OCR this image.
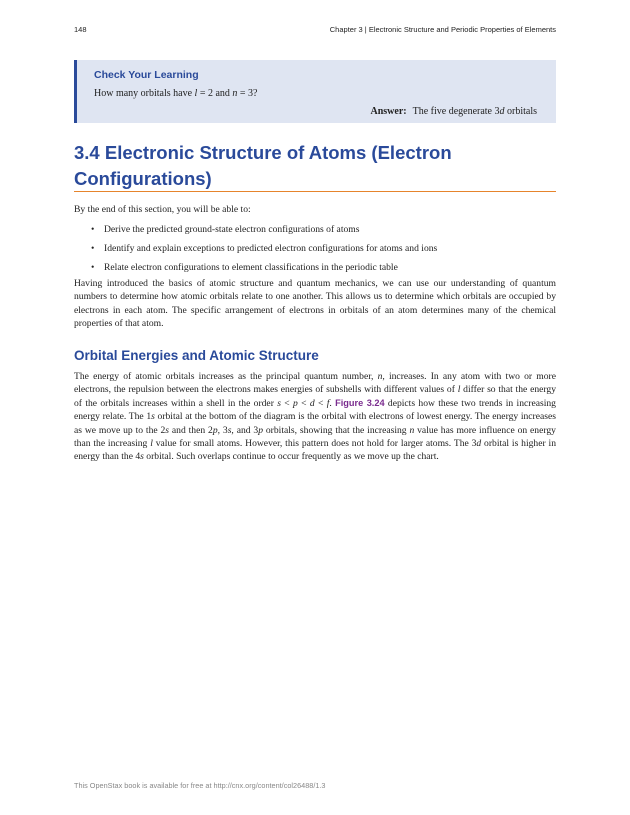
148	Chapter 3 | Electronic Structure and Periodic Properties of Elements
Check Your Learning
How many orbitals have l = 2 and n = 3?
Answer: The five degenerate 3d orbitals
3.4 Electronic Structure of Atoms (Electron Configurations)

By the end of this section, you will be able to:

• Derive the predicted ground-state electron configurations of atoms
• Identify and explain exceptions to predicted electron configurations for atoms and ions
• Relate electron configurations to element classifications in the periodic table

Having introduced the basics of atomic structure and quantum mechanics, we can use our understanding of quantum numbers to determine how atomic orbitals relate to one another. This allows us to determine which orbitals are occupied by electrons in each atom. The specific arrangement of electrons in orbitals of an atom determines many of the chemical properties of that atom.

Orbital Energies and Atomic Structure

The energy of atomic orbitals increases as the principal quantum number, n, increases. In any atom with two or more electrons, the repulsion between the electrons makes energies of subshells with different values of l differ so that the energy of the orbitals increases within a shell in the order s < p < d < f. Figure 3.24 depicts how these two trends in increasing energy relate. The 1s orbital at the bottom of the diagram is the orbital with electrons of lowest energy. The energy increases as we move up to the 2s and then 2p, 3s, and 3p orbitals, showing that the increasing n value has more influence on energy than the increasing l value for small atoms. However, this pattern does not hold for larger atoms. The 3d orbital is higher in energy than the 4s orbital. Such overlaps continue to occur frequently as we move up the chart.

This OpenStax book is available for free at http://cnx.org/content/col26488/1.3
